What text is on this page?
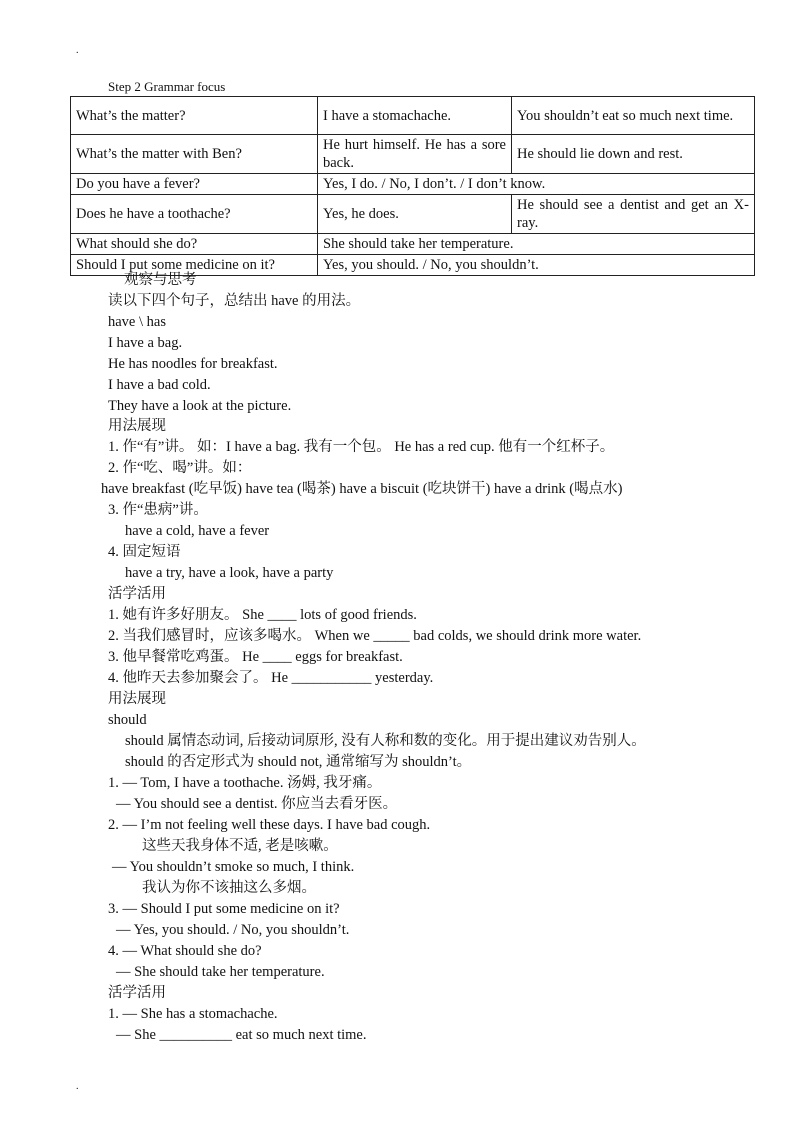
.
.
Step 2 Grammar focus
What’s the matter?	I have a stomachache.	You shouldn’t eat so much next time.
What’s the matter with Ben?	He hurt himself. He has a sore back.	He should lie down and rest.
Do you have a fever?	Yes, I do. / No, I don’t. / I don’t know.	
Does he have a toothache?	Yes, he does.	He should see a dentist and get an X-ray.
What should she do?	She should take her temperature.	
Should I put some medicine on it?	Yes, you should. / No, you shouldn’t.	
观察与思考
读以下四个句子，总结出 have 的用法。
have \ has
I have a bag.
He has noodles for breakfast.
I have a bad cold.
They have a look at the picture.
用法展现
1. 作“有”讲。 如：I have a bag. 我有一个包。 He has a red cup. 他有一个红杯子。
2. 作“吃、喝”讲。如：
have breakfast (吃早饭) have tea (喝茶) have a biscuit (吃块饼干) have a drink (喝点水)
3. 作“患病”讲。
have a cold, have a fever
4. 固定短语
have a try, have a look, have a party
活学活用
1. 她有许多好朋友。 She ____ lots of good friends.
2. 当我们感冒时，应该多喝水。 When we _____ bad colds, we should drink more water.
3. 他早餐常吃鸡蛋。 He ____ eggs for breakfast.
4. 他昨天去参加聚会了。 He ___________ yesterday.
用法展现
should
should 属情态动词, 后接动词原形, 没有人称和数的变化。用于提出建议劝告别人。
should 的否定形式为 should not, 通常缩写为 shouldn’t。
1. — Tom, I have a toothache. 汤姆, 我牙痛。
— You should see a dentist. 你应当去看牙医。
2. — I’m not feeling well these days. I have bad cough.
这些天我身体不适, 老是咳嗽。
— You shouldn’t smoke so much, I think.
我认为你不该抽这么多烟。
3. — Should I put some medicine on it?
— Yes, you should. / No, you shouldn’t.
4. — What should she do?
— She should take her temperature.
活学活用
1. — She has a stomachache.
— She __________ eat so much next time.
